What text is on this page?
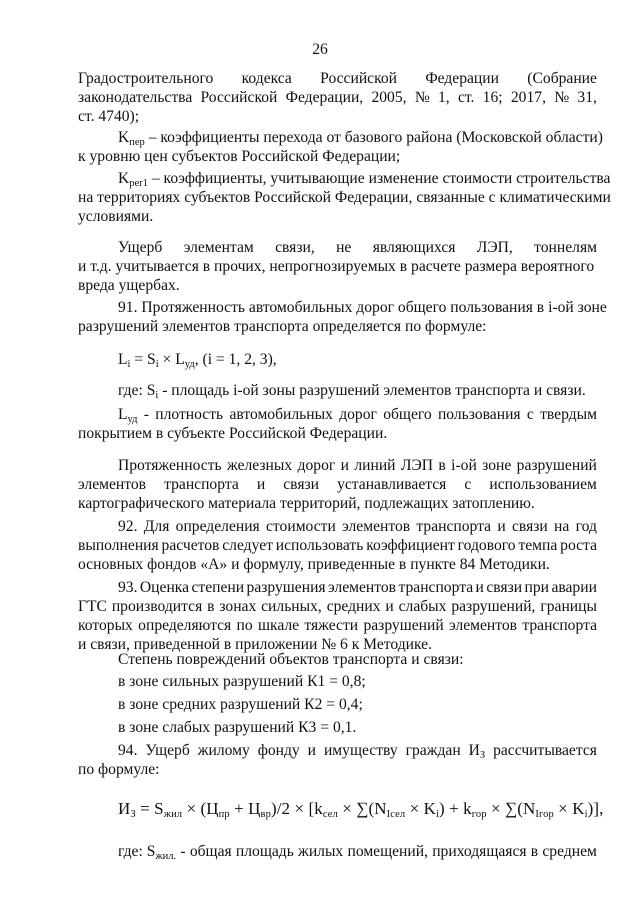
26
Градостроительного кодекса Российской Федерации (Собрание
законодательства Российской Федерации, 2005, № 1, ст. 16; 2017, № 31,
ст. 4740);
$K_{пер}$ – коэффициенты перехода от базового района (Московской области)
к уровню цен субъектов Российской Федерации;
$K_{per1}$ – коэффициенты, учитывающие изменение стоимости строительства
на территориях субъектов Российской Федерации, связанные с климатическими
условиями.
Ущерб элементам связи, не являющихся ЛЭП, тоннелям
и т.д. учитывается в прочих, непрогнозируемых в расчете размера вероятного
вреда ущербах.
91. Протяженность автомобильных дорог общего пользования в i-ой зоне
разрушений элементов транспорта определяется по формуле:
$L_i = S_i \times L_{уд}$, (i = 1, 2, 3),
где: $S_i$ - площадь i-ой зоны разрушений элементов транспорта и связи.
$L_{уд}$ - плотность автомобильных дорог общего пользования с твердым
покрытием в субъекте Российской Федерации.
Протяженность железных дорог и линий ЛЭП в i-ой зоне разрушений
элементов транспорта и связи устанавливается с использованием
картографического материала территорий, подлежащих затоплению.
92. Для определения стоимости элементов транспорта и связи на год
выполнения расчетов следует использовать коэффициент годового темпа роста
основных фондов «А» и формулу, приведенные в пункте 84 Методики.
93. Оценка степени разрушения элементов транспорта и связи при аварии
ГТС производится в зонах сильных, средних и слабых разрушений, границы
которых определяются по шкале тяжести разрушений элементов транспорта
и связи, приведенной в приложении № 6 к Методике.
Степень повреждений объектов транспорта и связи:
в зоне сильных разрушений К1 = 0,8;
в зоне средних разрушений К2 = 0,4;
в зоне слабых разрушений К3 = 0,1.
94. Ущерб жилому фонду и имуществу граждан $И_З$ рассчитывается
по формуле:
$И_З = S_{жил} \times (Ц_{пр} + Ц_{вр})/2 \times [k_{сел} \times \sum(N_{Iсел} \times K_i) + k_{гор} \times \sum(N_{Iгор} \times K_i)]$,
где: $S_{жил.}$ - общая площадь жилых помещений, приходящаяся в среднем
